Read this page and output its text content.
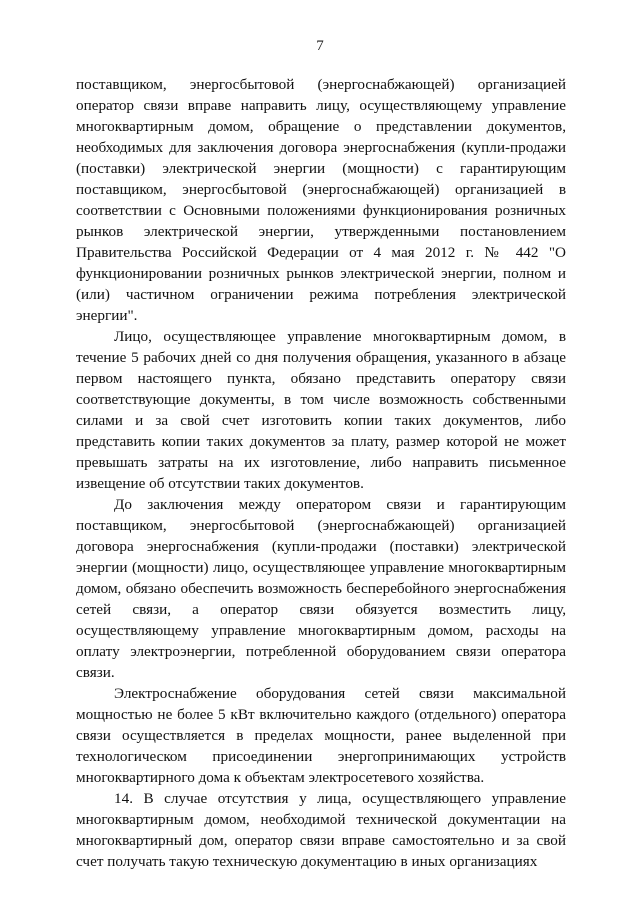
7

поставщиком, энергосбытовой (энергоснабжающей) организацией оператор связи вправе направить лицу, осуществляющему управление многоквартирным домом, обращение о представлении документов, необходимых для заключения договора энергоснабжения (купли-продажи (поставки) электрической энергии (мощности) с гарантирующим поставщиком, энергосбытовой (энергоснабжающей) организацией в соответствии с Основными положениями функционирования розничных рынков электрической энергии, утвержденными постановлением Правительства Российской Федерации от 4 мая 2012 г. № 442 "О функционировании розничных рынков электрической энергии, полном и (или) частичном ограничении режима потребления электрической энергии".

Лицо, осуществляющее управление многоквартирным домом, в течение 5 рабочих дней со дня получения обращения, указанного в абзаце первом настоящего пункта, обязано представить оператору связи соответствующие документы, в том числе возможность собственными силами и за свой счет изготовить копии таких документов, либо представить копии таких документов за плату, размер которой не может превышать затраты на их изготовление, либо направить письменное извещение об отсутствии таких документов.

До заключения между оператором связи и гарантирующим поставщиком, энергосбытовой (энергоснабжающей) организацией договора энергоснабжения (купли-продажи (поставки) электрической энергии (мощности) лицо, осуществляющее управление многоквартирным домом, обязано обеспечить возможность бесперебойного энергоснабжения сетей связи, а оператор связи обязуется возместить лицу, осуществляющему управление многоквартирным домом, расходы на оплату электроэнергии, потребленной оборудованием связи оператора связи.

Электроснабжение оборудования сетей связи максимальной мощностью не более 5 кВт включительно каждого (отдельного) оператора связи осуществляется в пределах мощности, ранее выделенной при технологическом присоединении энергопринимающих устройств многоквартирного дома к объектам электросетевого хозяйства.

14. В случае отсутствия у лица, осуществляющего управление многоквартирным домом, необходимой технической документации на многоквартирный дом, оператор связи вправе самостоятельно и за свой счет получать такую техническую документацию в иных организациях
